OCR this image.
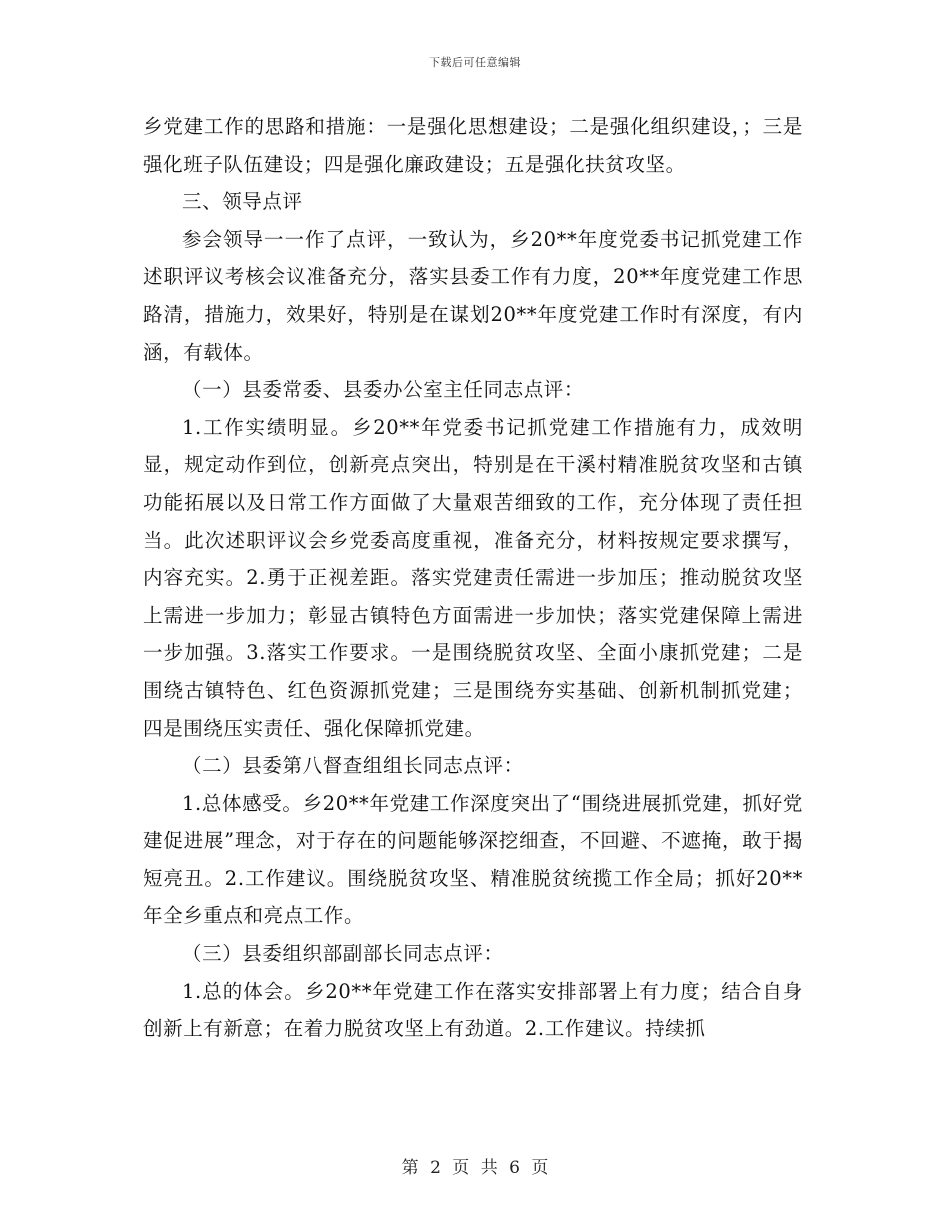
下载后可任意编辑

乡党建工作的思路和措施：一是强化思想建设；二是强化组织建设，；三是强化班子队伍建设；四是强化廉政建设；五是强化扶贫攻坚。

三、领导点评

参会领导一一作了点评，一致认为，乡20**年度党委书记抓党建工作述职评议考核会议准备充分，落实县委工作有力度，20**年度党建工作思路清，措施力，效果好，特别是在谋划20**年度党建工作时有深度，有内涵，有载体。

（一）县委常委、县委办公室主任同志点评：

1.工作实绩明显。乡20**年党委书记抓党建工作措施有力，成效明显，规定动作到位，创新亮点突出，特别是在干溪村精准脱贫攻坚和古镇功能拓展以及日常工作方面做了大量艰苦细致的工作，充分体现了责任担当。此次述职评议会乡党委高度重视，准备充分，材料按规定要求撰写，内容充实。2.勇于正视差距。落实党建责任需进一步加压；推动脱贫攻坚上需进一步加力；彰显古镇特色方面需进一步加快；落实党建保障上需进一步加强。3.落实工作要求。一是围绕脱贫攻坚、全面小康抓党建；二是围绕古镇特色、红色资源抓党建；三是围绕夯实基础、创新机制抓党建；四是围绕压实责任、强化保障抓党建。

（二）县委第八督查组组长同志点评：

1.总体感受。乡20**年党建工作深度突出了“围绕进展抓党建，抓好党建促进展”理念，对于存在的问题能够深挖细查，不回避、不遮掩，敢于揭短亮丑。2.工作建议。围绕脱贫攻坚、精准脱贫统揽工作全局；抓好20**年全乡重点和亮点工作。

（三）县委组织部副部长同志点评：

1.总的体会。乡20**年党建工作在落实安排部署上有力度；结合自身创新上有新意；在着力脱贫攻坚上有劲道。2.工作建议。持续抓

第 2 页 共 6 页
